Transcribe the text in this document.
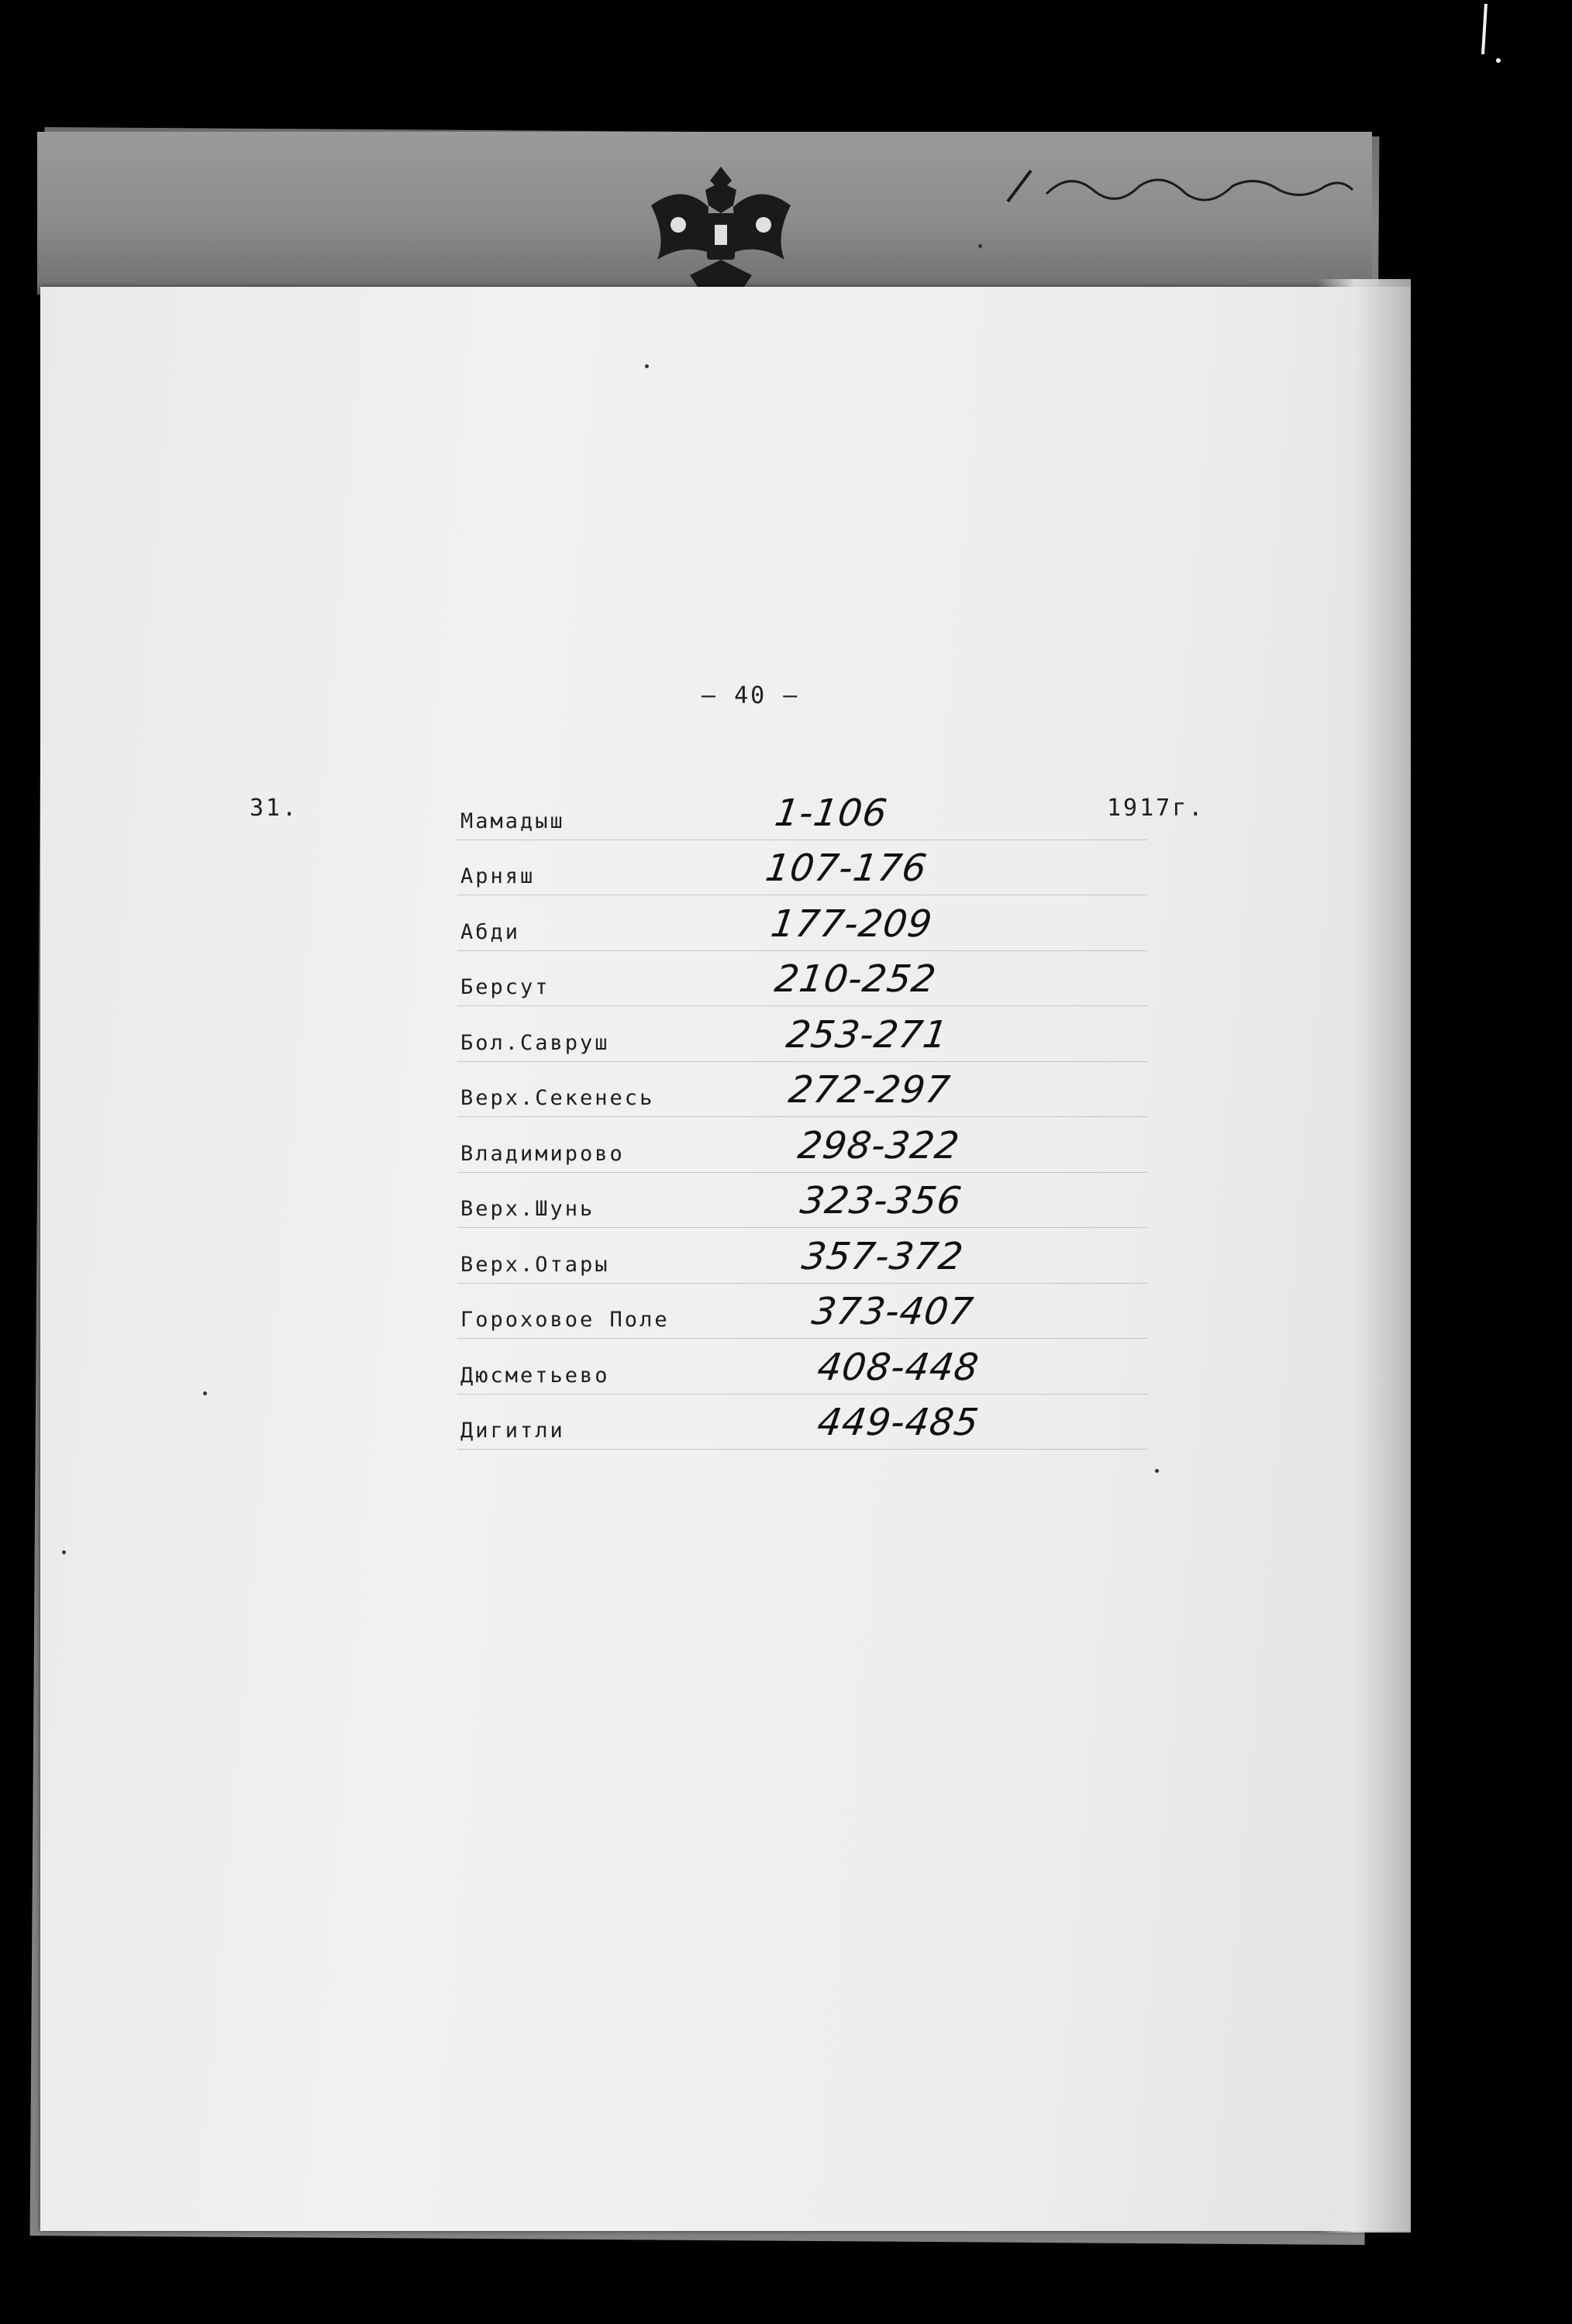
– 40 –
31.	1917г.
Мамадыш	1-106
Арняш	107-176
Абди	177-209
Берсут	210-252
Бол.Савруш	253-271
Верх.Секенесь	272-297
Владимирово	298-322
Верх.Шунь	323-356
Верх.Отары	357-372
Гороховое Поле	373-407
Дюсметьево	408-448
Дигитли	449-485
